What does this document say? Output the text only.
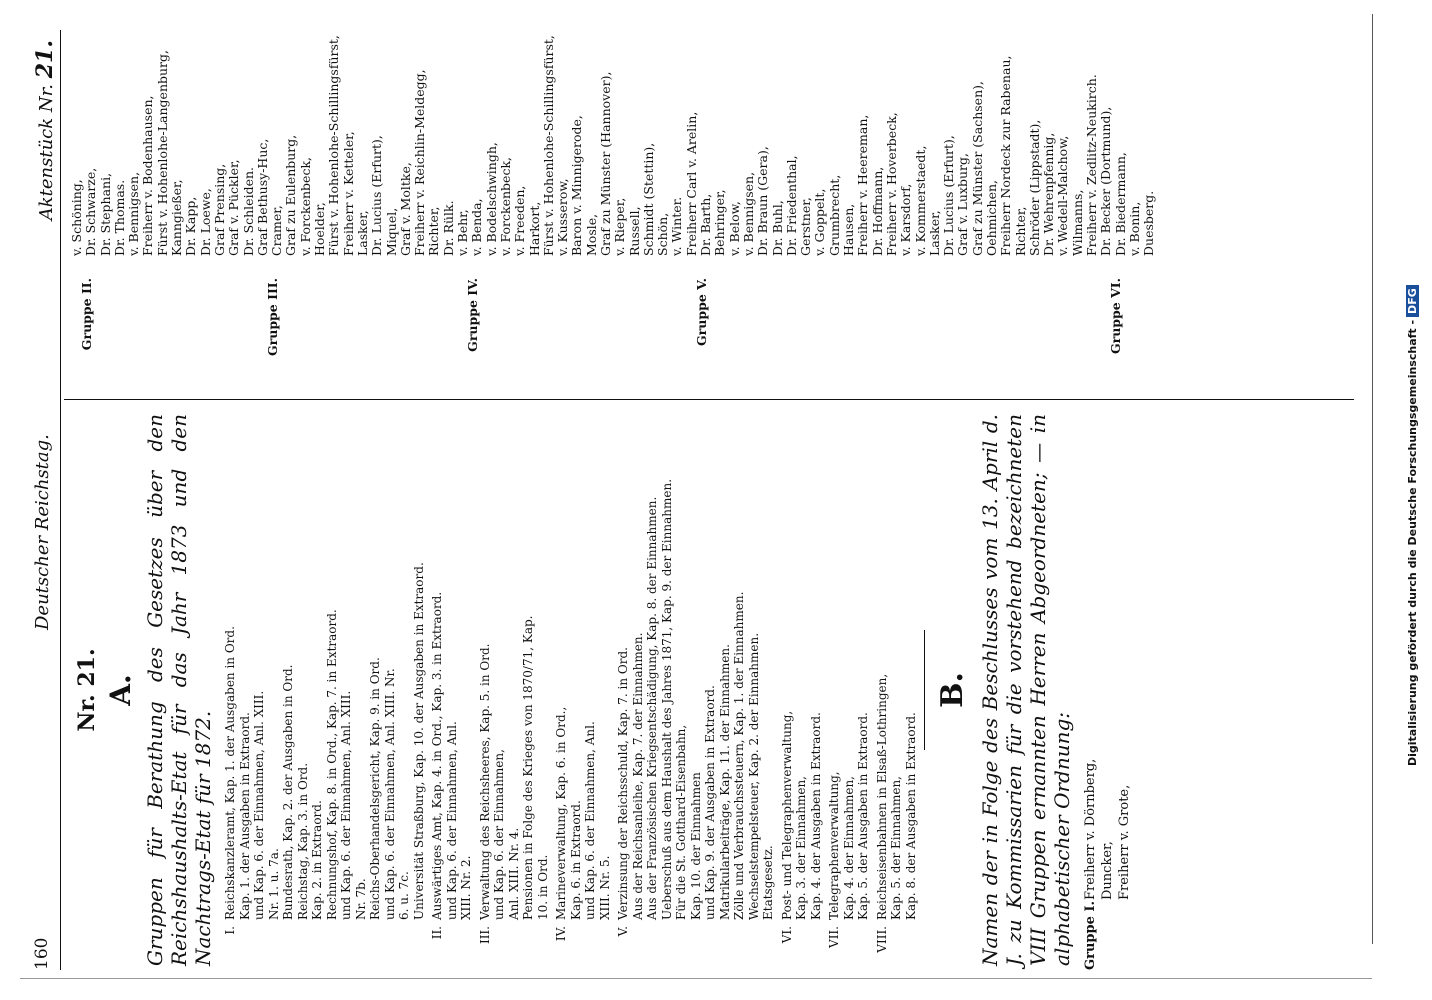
160
Deutscher Reichstag.
Aktenstück Nr. 21.
Nr. 21. A. Gruppen für Berathung des Gesetzes über den Reichshaushalts-Etat für das Jahr 1873 und den Nachtrags-Etat für 1872. I.
Reichskanzleramt, Kap. 1. der Ausgaben in Ord. Kap. 1. der Ausgaben in Extraord. und Kap. 6. der Einnahmen, Anl. XIII. Nr. 1. u. 7a. Bundesrath, Kap. 2. der Ausgaben in Ord. Reichstag, Kap. 3. in Ord. Kap. 2. in Extraord. Rechnungshof, Kap. 8. in Ord., Kap. 7. in Extraord. und Kap. 6. der Einnahmen, Anl. XIII. Nr. 7b. Reichs-Oberhandelsgericht, Kap. 9. in Ord. und Kap. 6. der Einnahmen, Anl. XIII. Nr. 6. u. 7c. Universität Straßburg, Kap. 10. der Ausgaben in Extraord.
II.
Auswärtiges Amt, Kap. 4. in Ord., Kap. 3. in Extraord. und Kap. 6. der Einnahmen, Anl. XIII. Nr. 2.
III.
Verwaltung des Reichsheeres, Kap. 5. in Ord. und Kap. 6. der Einnahmen, Anl. XIII. Nr. 4. Pensionen in Folge des Krieges von 1870/71, Kap. 10. in Ord.
IV.
Marineverwaltung, Kap. 6. in Ord., Kap. 6. in Extraord. und Kap. 6. der Einnahmen, Anl. XIII. Nr. 5.
V.
Verzinsung der Reichsschuld, Kap. 7. in Ord. Aus der Reichsanleihe, Kap. 7. der Einnahmen. Aus der Französischen Kriegsentschädigung, Kap. 8. der Einnahmen. Ueberschuß aus dem Haushalt des Jahres 1871, Kap. 9. der Einnahmen. Für die St. Gotthard-Eisenbahn, Kap. 10. der Einnahmen und Kap. 9. der Ausgaben in Extraord. Matrikularbeiträge, Kap. 11. der Einnahmen. Zölle und Verbrauchssteuern, Kap. 1. der Einnahmen. Wechselstempelsteuer, Kap. 2. der Einnahmen. Etatsgesetz.
VI.
Post- und Telegraphenverwaltung, Kap. 3. der Einnahmen, Kap. 4. der Ausgaben in Extraord.
VII.
Telegraphenverwaltung, Kap. 4. der Einnahmen, Kap. 5. der Ausgaben in Extraord.
VIII.
Reichseisenbahnen in Elsaß-Lothringen, Kap. 5. der Einnahmen, Kap. 8. der Ausgaben in Extraord.
B. Namen der in Folge des Beschlusses vom 13. April d. J. zu Kommissarien für die vorstehend bezeichneten VIII Gruppen ernannten Herren Abgeordneten; — in alphabetischer Ordnung: Gruppe I.
Freiherr v. Dörnberg, Duncker, Freiherr v. Grote,
Gruppe II.
v. Schöning, Dr. Schwarze, Dr. Stephani, Dr. Thomas. v. Bennigsen, Freiherr v. Bodenhausen, Fürst v. Hohenlohe-Langenburg, Kanngießer, Dr. Kapp, Dr. Loewe, Graf Prensing, Graf v. Pückler, Dr. Schleiden.
Gruppe III.
Graf Bethusy-Huc, Cramer, Graf zu Eulenburg, v. Forckenbeck, Hoelder, Fürst v. Hohenlohe-Schillingsfürst, Freiherr v. Ketteler, Lasker, Dr. Lucius (Erfurt), Miquel, Graf v. Moltke, Freiherr v. Reichlin-Meldegg, Richter, Dr. Rülk.
Gruppe IV.
v. Behr, v. Benda, v. Bodelschwingh, v. Forckenbeck, v. Freeden, Harkort, Fürst v. Hohenlohe-Schillingsfürst, v. Kusserow, Baron v. Minnigerode, Mosle, Graf zu Münster (Hannover), v. Rieper, Russell, Schmidt (Stettin), Schön, v. Winter.
Gruppe V.
Freiherr Carl v. Arelin, Dr. Barth, Behringer, v. Below, v. Bennigsen, Dr. Braun (Gera), Dr. Buhl, Dr. Friedenthal, Gerstner, v. Goppelt, Grumbrecht, Hausen, Freiherr v. Heereman, Dr. Hoffmann, Freiherr v. Hoverbeck, v. Karsdorf, v. Kommerstaedt, Lasker, Dr. Lucius (Erfurt), Graf v. Luxburg, Graf zu Münster (Sachsen), Oehmichen, Freiherr Nordeck zur Rabenau, Richter, Schröder (Lippstadt), Dr. Wehrenpfennig, v. Wedell-Malchow, Wilmanns, Freiherr v. Zedlitz-Neukirch.
Gruppe VI.
Dr. Becker (Dortmund), Dr. Biedermann, v. Bonin, Duesberg.
Digitalisierung gefördert durch die Deutsche Forschungsgemeinschaft -DFG
